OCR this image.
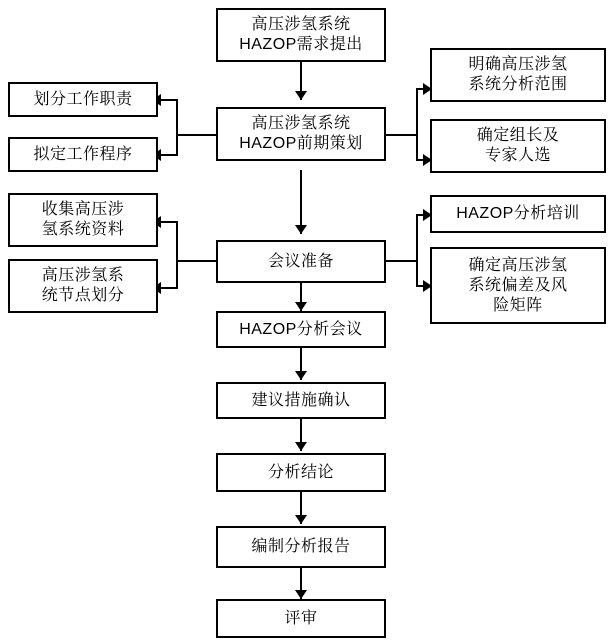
高压涉氢系统
HAZOP需求提出
高压涉氢系统
HAZOP前期策划
划分工作职责
拟定工作程序
明确高压涉氢
系统分析范围
确定组长及
专家人选
会议准备
收集高压涉
氢系统资料
高压涉氢系
统节点划分
HAZOP分析培训
确定高压涉氢
系统偏差及风
险矩阵
HAZOP分析会议
建议措施确认
分析结论
编制分析报告
评审
